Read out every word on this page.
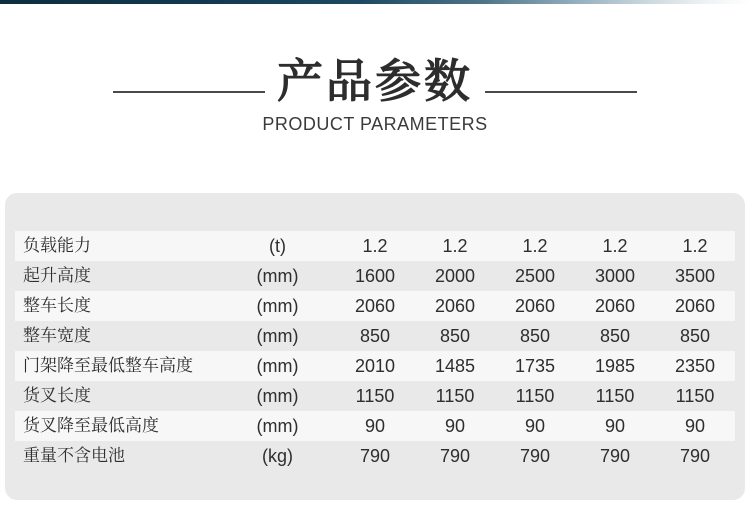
产品参数
PRODUCT PARAMETERS
负载能力	(t)	1.2	1.2	1.2	1.2	1.2
起升高度	(mm)	1600	2000	2500	3000	3500
整车长度	(mm)	2060	2060	2060	2060	2060
整车宽度	(mm)	850	850	850	850	850
门架降至最低整车高度	(mm)	2010	1485	1735	1985	2350
货叉长度	(mm)	1150	1150	1150	1150	1150
货叉降至最低高度	(mm)	90	90	90	90	90
重量不含电池	(kg)	790	790	790	790	790
